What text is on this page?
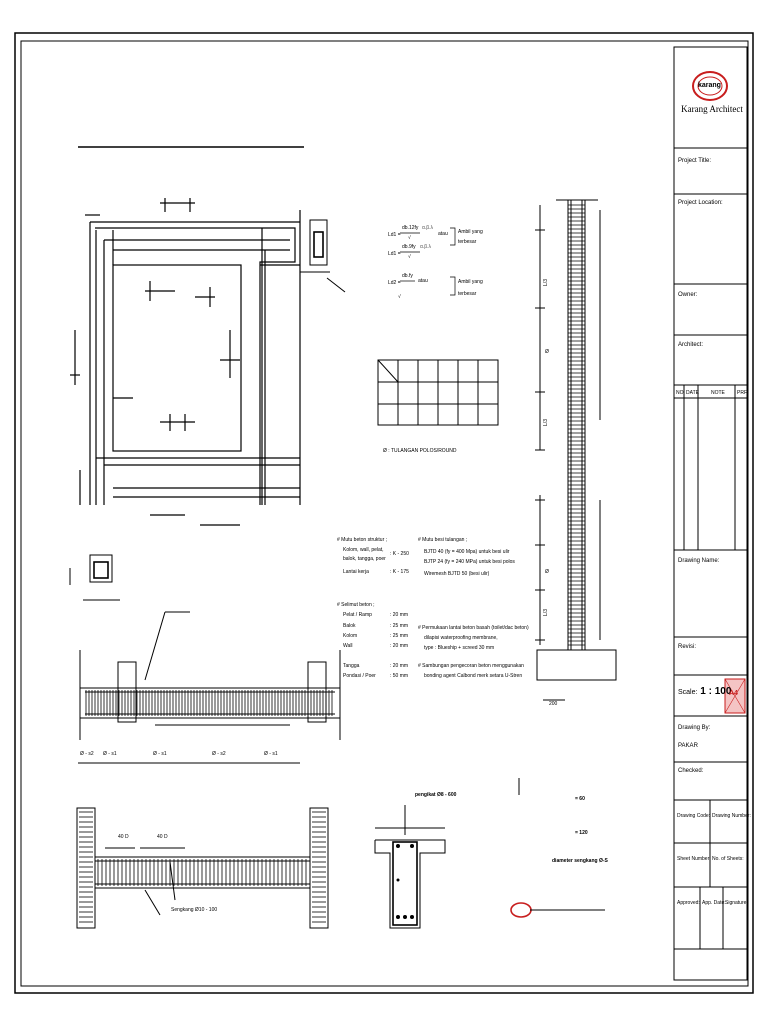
karang
Karang Architect
Project Title:
Project Location:
Owner:
Architect:
NO. DATE NOTE PRF.
Drawing Name:
Revisi:
Scale: 1 : 100
A4
Drawing By:
PAKAR
Checked:
Drawing Code: Drawing Number:
Sheet Number: No. of Sheets:
Approved: App. Date: Signature:
Ld1 =
db.12fy α.β.λ
√
atau
Ld1 =
db.9fy α.β.λ
√
Ambil yang
terbesar
Ld2 =
db.fy
√
atau	Ambil yang
terbesar
Ø : TULANGAN POLOS/ROUND
# Mutu beton struktur ;
Kolom, wall, pelat,
balok, tangga, poer
: K - 250
Lantai kerja	: K - 175
# Mutu besi tulangan ;
BJTD 40 (fy = 400 Mpa) untuk besi ulir
BJTP 24 (fy = 240 MPa) untuk besi polos
Wiremesh BJTD 50 (besi ulir)
# Selimut beton ;
Pelat / Ramp	: 20 mm
Balok	: 25 mm
Kolom	: 25 mm
Wall	: 20 mm
Tangga	: 20 mm
Pondasi / Poer	: 50 mm
# Permukaan lantai beton basah (toilet/dac beton)
dilapisi waterproofing membrane,
type : Blueship + screed 30 mm
# Sambungan pengecoran beton menggunakan
bonding agent Calbond merk setara U-Stren
200
L/3
Ø
L/3
Ø
L/3
Ø - s2 Ø - s1	Ø - s1	Ø - s2	Ø - s1
40 D	40 D
Sengkang Ø10 - 100
pengikat Ø8 - 600
= 60
= 120
diameter sengkang Ø-S
